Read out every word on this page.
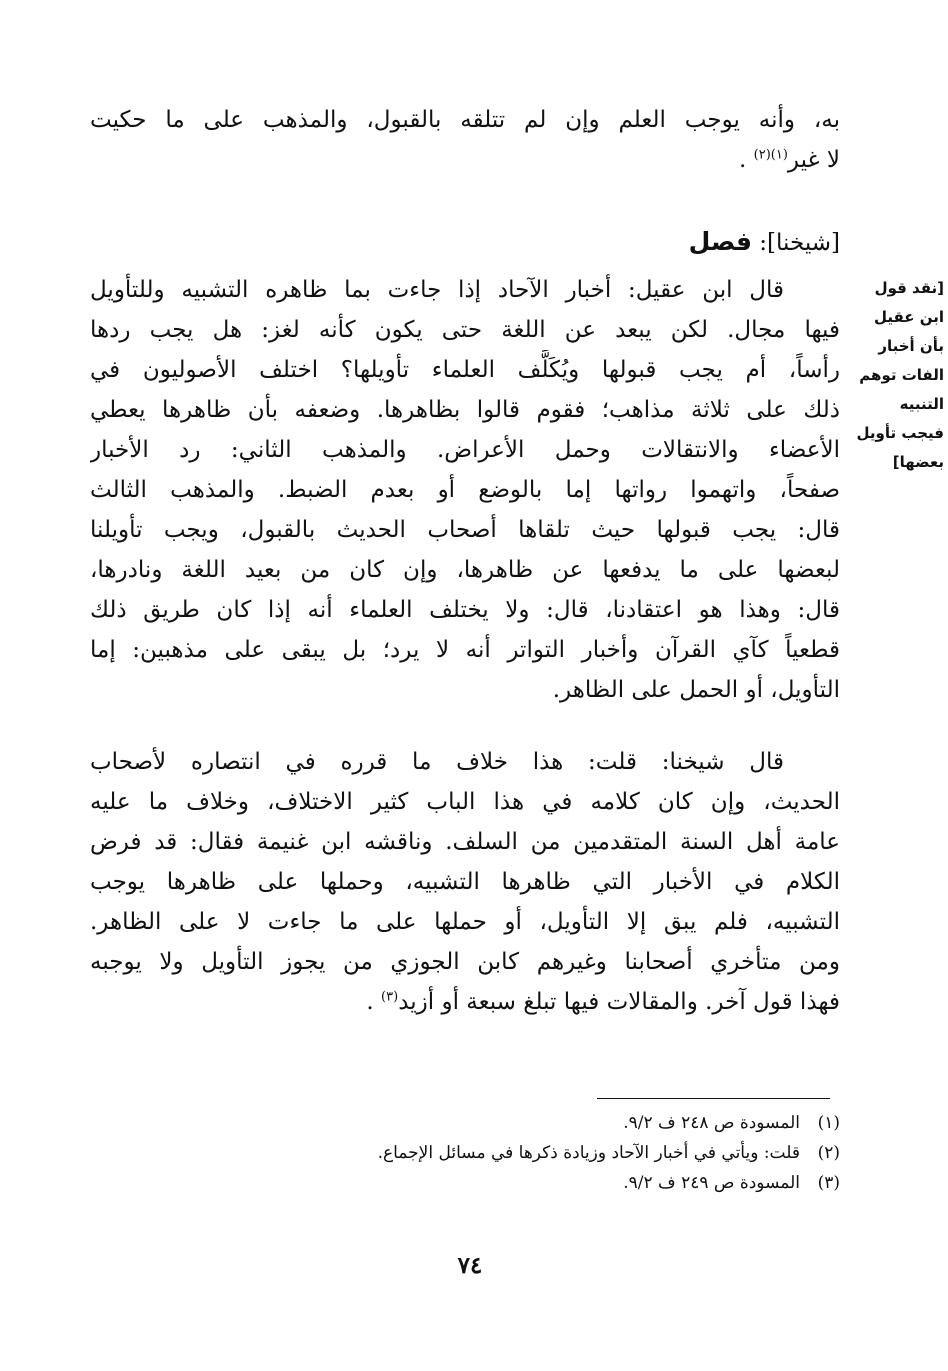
به، وأنه يوجب العلم وإن لم تتلقه بالقبول، والمذهب على ما حكيت
لا غير$^{(١)(٢)}$ .
[شيخنا]: فصل
[نقد قول
ابن عقيل
بأن أخبار
الفات توهم
التنبيه
فيجب تأويل
بعضها]
قال ابن عقيل: أخبار الآحاد إذا جاءت بما ظاهره التشبيه وللتأويل
فيها مجال. لكن يبعد عن اللغة حتى يكون كأنه لغز: هل يجب ردها
رأساً، أم يجب قبولها ويُكَلَّف العلماء تأويلها؟ اختلف الأصوليون في
ذلك على ثلاثة مذاهب؛ فقوم قالوا بظاهرها. وضعفه بأن ظاهرها يعطي
الأعضاء والانتقالات وحمل الأعراض. والمذهب الثاني: رد الأخبار
صفحاً، واتهموا رواتها إما بالوضع أو بعدم الضبط. والمذهب الثالث
قال: يجب قبولها حيث تلقاها أصحاب الحديث بالقبول، ويجب تأويلنا
لبعضها على ما يدفعها عن ظاهرها، وإن كان من بعيد اللغة ونادرها،
قال: وهذا هو اعتقادنا، قال: ولا يختلف العلماء أنه إذا كان طريق ذلك
قطعياً كآي القرآن وأخبار التواتر أنه لا يرد؛ بل يبقى على مذهبين: إما
التأويل، أو الحمل على الظاهر.
قال شيخنا: قلت: هذا خلاف ما قرره في انتصاره لأصحاب
الحديث، وإن كان كلامه في هذا الباب كثير الاختلاف، وخلاف ما عليه
عامة أهل السنة المتقدمين من السلف. وناقشه ابن غنيمة فقال: قد فرض
الكلام في الأخبار التي ظاهرها التشبيه، وحملها على ظاهرها يوجب
التشبيه، فلم يبق إلا التأويل، أو حملها على ما جاءت لا على الظاهر.
ومن متأخري أصحابنا وغيرهم كابن الجوزي من يجوز التأويل ولا يوجبه
فهذا قول آخر. والمقالات فيها تبلغ سبعة أو أزيد$^{(٣)}$ .
(١)المسودة ص ٢٤٨ ف ٩/٢.
(٢)قلت: ويأتي في أخبار الآحاد وزيادة ذكرها في مسائل الإجماع.
(٣)المسودة ص ٢٤٩ ف ٩/٢.
٧٤
